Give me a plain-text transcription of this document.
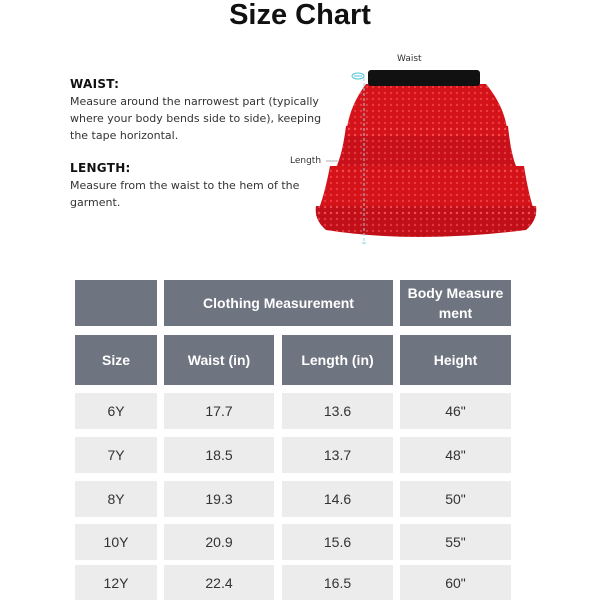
Size Chart
WAIST:
Measure around the narrowest part (typically where your body bends side to side), keeping the tape horizontal.
LENGTH:
Measure from the waist to the hem of the garment.
Waist
Length
Clothing Measurement
Body Measurement
Size	Waist (in)	Length (in)	Height
6Y	17.7	13.6	46"
7Y	18.5	13.7	48"
8Y	19.3	14.6	50"
10Y	20.9	15.6	55"
12Y	22.4	16.5	60"
